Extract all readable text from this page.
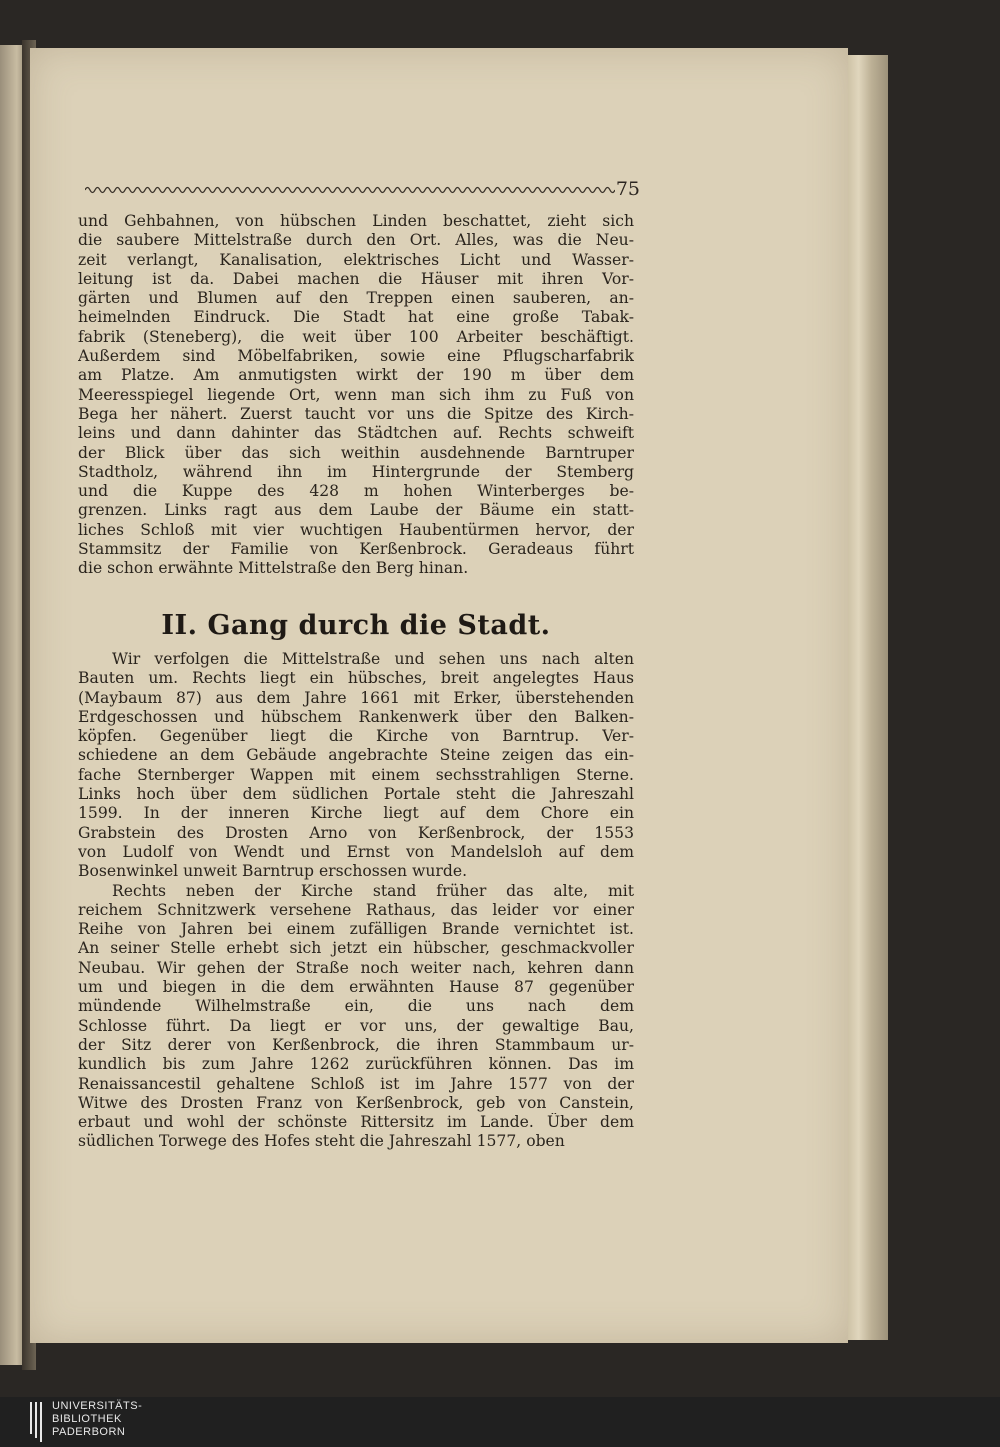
75
und Gehbahnen, von hübschen Linden beschattet, zieht sich
die saubere Mittelstraße durch den Ort. Alles, was die Neu-
zeit verlangt, Kanalisation, elektrisches Licht und Wasser-
leitung ist da. Dabei machen die Häuser mit ihren Vor-
gärten und Blumen auf den Treppen einen sauberen, an-
heimelnden Eindruck. Die Stadt hat eine große Tabak-
fabrik (Steneberg), die weit über 100 Arbeiter beschäftigt.
Außerdem sind Möbelfabriken, sowie eine Pflugscharfabrik
am Platze. Am anmutigsten wirkt der 190 m über dem
Meeresspiegel liegende Ort, wenn man sich ihm zu Fuß von
Bega her nähert. Zuerst taucht vor uns die Spitze des Kirch-
leins und dann dahinter das Städtchen auf. Rechts schweift
der Blick über das sich weithin ausdehnende Barntruper
Stadtholz, während ihn im Hintergrunde der Stemberg
und die Kuppe des 428 m hohen Winterberges be-
grenzen. Links ragt aus dem Laube der Bäume ein statt-
liches Schloß mit vier wuchtigen Haubentürmen hervor, der
Stammsitz der Familie von Kerßenbrock. Geradeaus führt
die schon erwähnte Mittelstraße den Berg hinan.
II. Gang durch die Stadt.
Wir verfolgen die Mittelstraße und sehen uns nach alten
Bauten um. Rechts liegt ein hübsches, breit angelegtes Haus
(Maybaum 87) aus dem Jahre 1661 mit Erker, überstehenden
Erdgeschossen und hübschem Rankenwerk über den Balken-
köpfen. Gegenüber liegt die Kirche von Barntrup. Ver-
schiedene an dem Gebäude angebrachte Steine zeigen das ein-
fache Sternberger Wappen mit einem sechsstrahligen Sterne.
Links hoch über dem südlichen Portale steht die Jahreszahl
1599. In der inneren Kirche liegt auf dem Chore ein
Grabstein des Drosten Arno von Kerßenbrock, der 1553
von Ludolf von Wendt und Ernst von Mandelsloh auf dem
Bosenwinkel unweit Barntrup erschossen wurde.
Rechts neben der Kirche stand früher das alte, mit
reichem Schnitzwerk versehene Rathaus, das leider vor einer
Reihe von Jahren bei einem zufälligen Brande vernichtet ist.
An seiner Stelle erhebt sich jetzt ein hübscher, geschmackvoller
Neubau. Wir gehen der Straße noch weiter nach, kehren dann
um und biegen in die dem erwähnten Hause 87 gegenüber
mündende Wilhelmstraße ein, die uns nach dem
Schlosse führt. Da liegt er vor uns, der gewaltige Bau,
der Sitz derer von Kerßenbrock, die ihren Stammbaum ur-
kundlich bis zum Jahre 1262 zurückführen können. Das im
Renaissancestil gehaltene Schloß ist im Jahre 1577 von der
Witwe des Drosten Franz von Kerßenbrock, geb von Canstein,
erbaut und wohl der schönste Rittersitz im Lande. Über dem
südlichen Torwege des Hofes steht die Jahreszahl 1577, oben
UNIVERSITÄTS-
BIBLIOTHEK
PADERBORN
